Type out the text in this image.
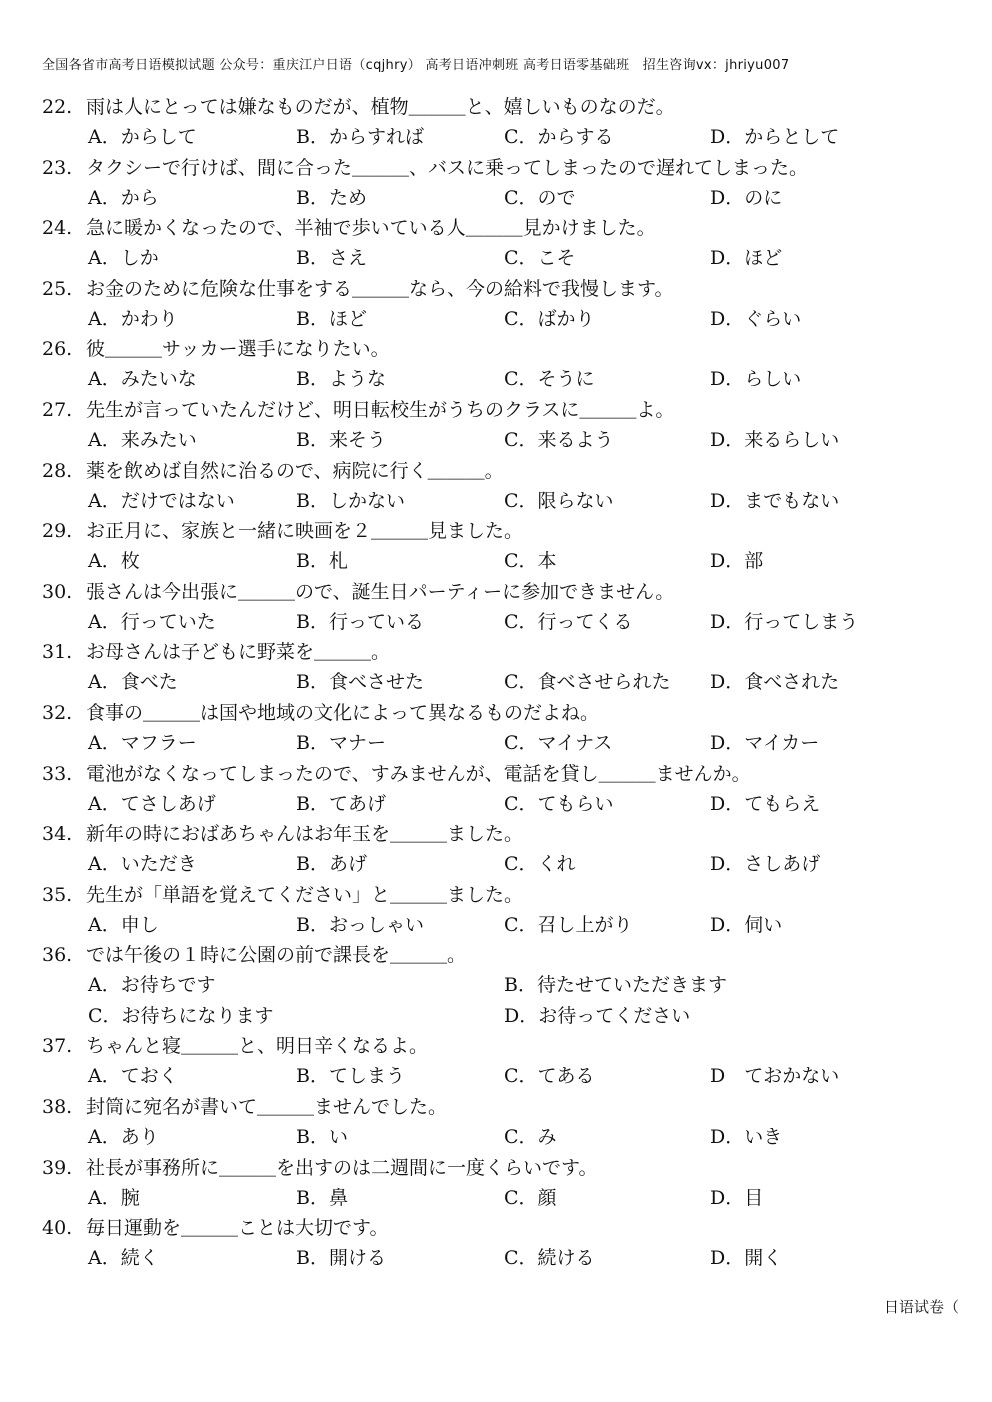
全国各省市高考日语模拟试题 公众号：重庆江户日语（cqjhry） 高考日语冲刺班 高考日语零基础班　招生咨询vx：jhriyu007
22. 雨は人にとっては嫌なものだが、植物＿＿＿と、嬉しいものなのだ。
A．からして	B．からすれば	C．からする	D．からとして
23. タクシーで行けば、間に合った＿＿＿、バスに乗ってしまったので遅れてしまった。
A．から	B．ため	C．ので	D．のに
24. 急に暖かくなったので、半袖で歩いている人＿＿＿見かけました。
A．しか	B．さえ	C．こそ	D．ほど
25. お金のために危険な仕事をする＿＿＿なら、今の給料で我慢します。
A．かわり	B．ほど	C．ばかり	D．ぐらい
26. 彼＿＿＿サッカー選手になりたい。
A．みたいな	B．ような	C．そうに	D．らしい
27. 先生が言っていたんだけど、明日転校生がうちのクラスに＿＿＿よ。
A．来みたい	B．来そう	C．来るよう	D．来るらしい
28. 薬を飲めば自然に治るので、病院に行く＿＿＿。
A．だけではない	B．しかない	C．限らない	D．までもない
29. お正月に、家族と一緒に映画を２＿＿＿見ました。
A．枚	B．札	C．本	D．部
30. 張さんは今出張に＿＿＿ので、誕生日パーティーに参加できません。
A．行っていた	B．行っている	C．行ってくる	D．行ってしまう
31. お母さんは子どもに野菜を＿＿＿。
A．食べた	B．食べさせた	C．食べさせられた D．食べされた
32. 食事の＿＿＿は国や地域の文化によって異なるものだよね。
A．マフラー	B．マナー	C．マイナス	D．マイカー
33. 電池がなくなってしまったので、すみませんが、電話を貸し＿＿＿ませんか。
A．てさしあげ	B．てあげ	C．てもらい	D．てもらえ
34. 新年の時におばあちゃんはお年玉を＿＿＿ました。
A．いただき	B．あげ	C．くれ	D．さしあげ
35. 先生が「単語を覚えてください」と＿＿＿ました。
A．申し	B．おっしゃい	C．召し上がり	D．伺い
36. では午後の１時に公園の前で課長を＿＿＿。
A．お待ちです	B．待たせていただきます
C．お待ちになります	D．お待ってください
37. ちゃんと寝＿＿＿と、明日辛くなるよ。
A．ておく	B．てしまう	C．てある	D　ておかない
38. 封筒に宛名が書いて＿＿＿ませんでした。
A．あり	B．い	C．み	D．いき
39. 社長が事務所に＿＿＿を出すのは二週間に一度くらいです。
A．腕	B．鼻	C．顔	D．目
40. 毎日運動を＿＿＿ことは大切です。
A．続く	B．開ける	C．続ける	D．開く
日语试卷（
